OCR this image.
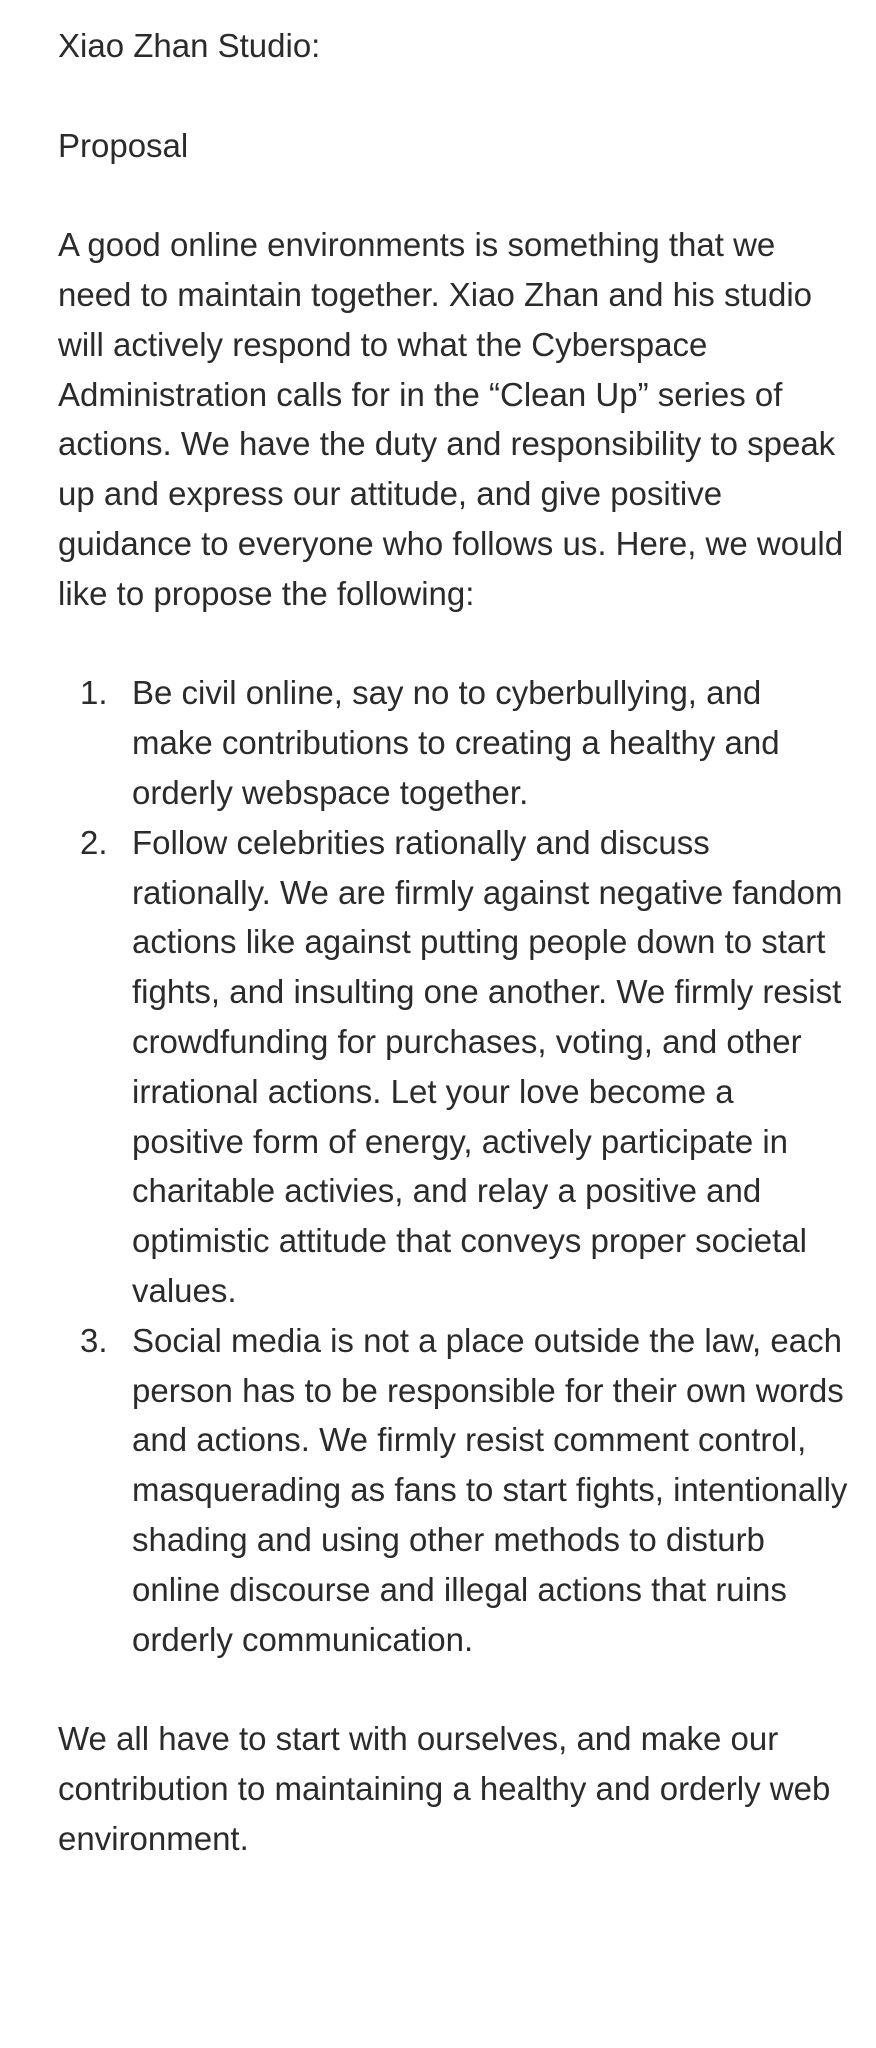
Xiao Zhan Studio:

Proposal

A good online environments is something that we need to maintain together. Xiao Zhan and his studio will actively respond to what the Cyberspace Administration calls for in the “Clean Up” series of actions. We have the duty and responsibility to speak up and express our attitude, and give positive guidance to everyone who follows us. Here, we would like to propose the following:

1. Be civil online, say no to cyberbullying, and make contributions to creating a healthy and orderly webspace together.
2. Follow celebrities rationally and discuss rationally. We are firmly against negative fandom actions like against putting people down to start fights, and insulting one another. We firmly resist crowdfunding for purchases, voting, and other irrational actions. Let your love become a positive form of energy, actively participate in charitable activies, and relay a positive and optimistic attitude that conveys proper societal values.
3. Social media is not a place outside the law, each person has to be responsible for their own words and actions. We firmly resist comment control, masquerading as fans to start fights, intentionally shading and using other methods to disturb online discourse and illegal actions that ruins orderly communication.

We all have to start with ourselves, and make our contribution to maintaining a healthy and orderly web environment.
